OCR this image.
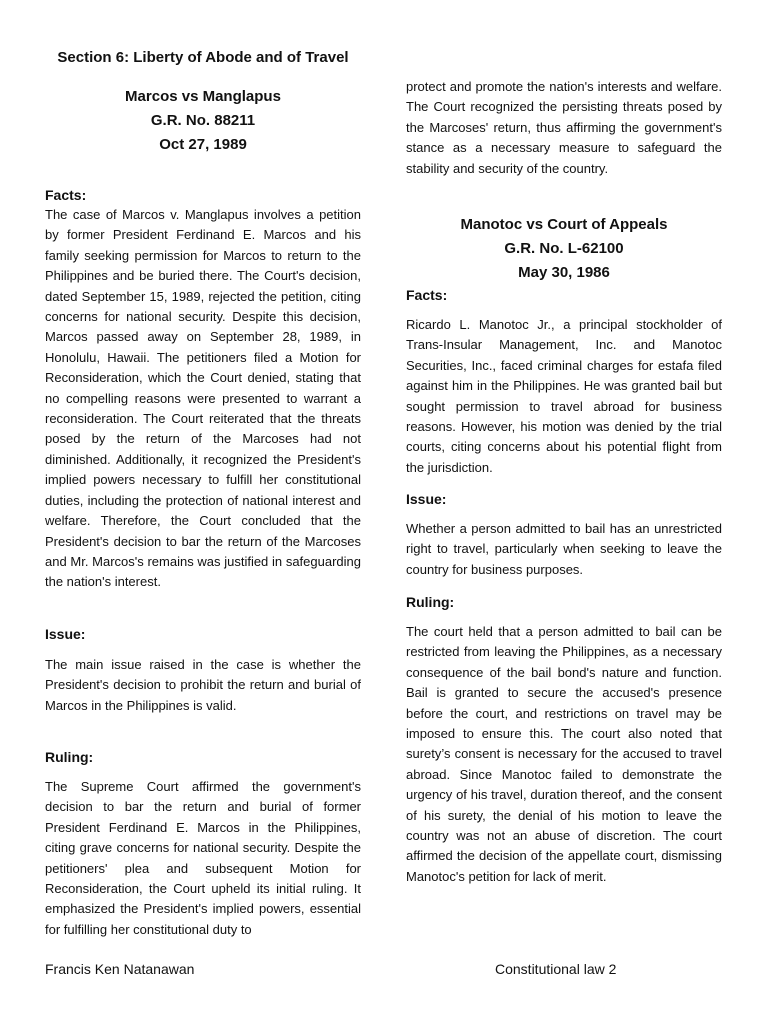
Section 6: Liberty of Abode and of Travel
Marcos vs Manglapus
G.R. No. 88211
Oct 27, 1989
Facts:
The case of Marcos v. Manglapus involves a petition by former President Ferdinand E. Marcos and his family seeking permission for Marcos to return to the Philippines and be buried there. The Court's decision, dated September 15, 1989, rejected the petition, citing concerns for national security. Despite this decision, Marcos passed away on September 28, 1989, in Honolulu, Hawaii. The petitioners filed a Motion for Reconsideration, which the Court denied, stating that no compelling reasons were presented to warrant a reconsideration. The Court reiterated that the threats posed by the return of the Marcoses had not diminished. Additionally, it recognized the President's implied powers necessary to fulfill her constitutional duties, including the protection of national interest and welfare. Therefore, the Court concluded that the President's decision to bar the return of the Marcoses and Mr. Marcos's remains was justified in safeguarding the nation's interest.
Issue:
The main issue raised in the case is whether the President's decision to prohibit the return and burial of Marcos in the Philippines is valid.
Ruling:
The Supreme Court affirmed the government's decision to bar the return and burial of former President Ferdinand E. Marcos in the Philippines, citing grave concerns for national security. Despite the petitioners' plea and subsequent Motion for Reconsideration, the Court upheld its initial ruling. It emphasized the President's implied powers, essential for fulfilling her constitutional duty to
protect and promote the nation's interests and welfare. The Court recognized the persisting threats posed by the Marcoses' return, thus affirming the government's stance as a necessary measure to safeguard the stability and security of the country.
Manotoc vs Court of Appeals
G.R. No. L-62100
May 30, 1986
Facts:
Ricardo L. Manotoc Jr., a principal stockholder of Trans-Insular Management, Inc. and Manotoc Securities, Inc., faced criminal charges for estafa filed against him in the Philippines. He was granted bail but sought permission to travel abroad for business reasons. However, his motion was denied by the trial courts, citing concerns about his potential flight from the jurisdiction.
Issue:
Whether a person admitted to bail has an unrestricted right to travel, particularly when seeking to leave the country for business purposes.
Ruling:
The court held that a person admitted to bail can be restricted from leaving the Philippines, as a necessary consequence of the bail bond's nature and function. Bail is granted to secure the accused's presence before the court, and restrictions on travel may be imposed to ensure this. The court also noted that surety’s consent is necessary for the accused to travel abroad. Since Manotoc failed to demonstrate the urgency of his travel, duration thereof, and the consent of his surety, the denial of his motion to leave the country was not an abuse of discretion. The court affirmed the decision of the appellate court, dismissing Manotoc's petition for lack of merit.
Francis Ken Natanawan	Constitutional law 2
